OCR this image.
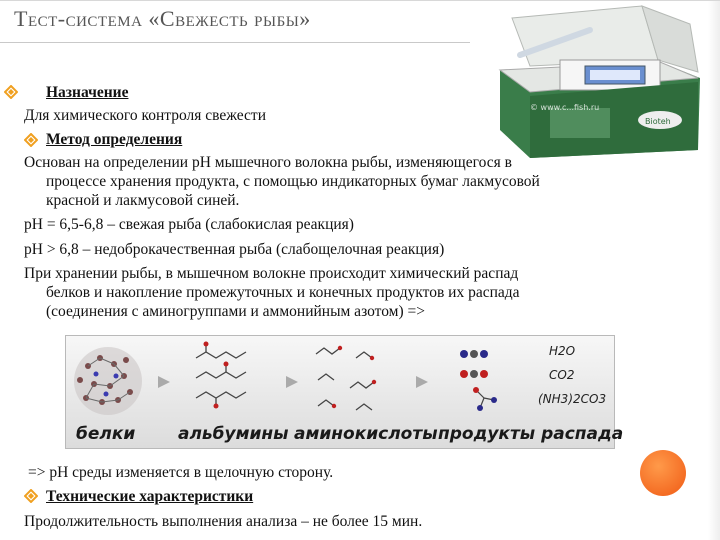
Тест-система «Свежесть рыбы»
Bioteh
© www.c...fish.ru
Назначение
Для химического контроля свежести
Метод определения
Основан на определении рН мышечного волокна рыбы, изменяющегося в
процессе хранения продукта, с помощью индикаторных бумаг лакмусовой
красной и лакмусовой синей.
рН = 6,5-6,8 – свежая рыба (слабокислая реакция)
рН > 6,8 – недоброкачественная рыба (слабощелочная реакция)
При хранении рыбы, в мышечном волокне происходит химический распад
белков и накопление промежуточных и конечных продуктов их распада
(соединения с аминогруппами и аммонийным азотом) =>
H2O
CO2
(NH3)2CO3
белки	альбумины аминокислоты продукты распада
=> рН среды изменяется в щелочную сторону.
Технические характеристики
Продолжительность выполнения анализа – не более 15 мин.
